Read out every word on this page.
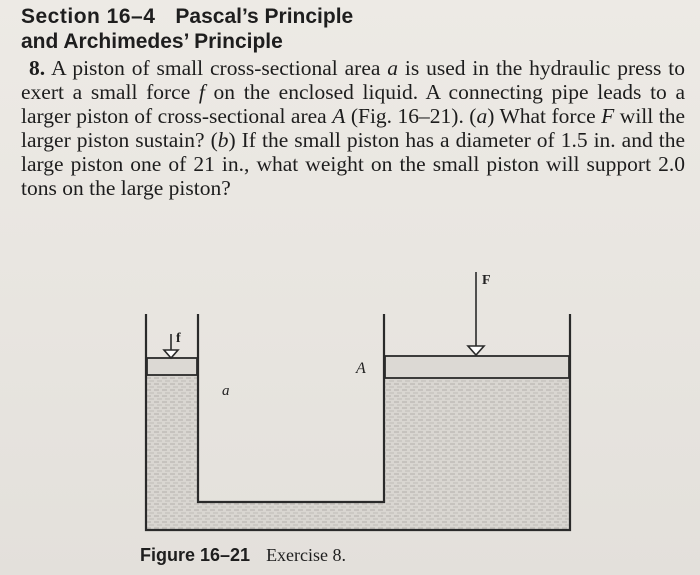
Section 16–4 Pascal’s Principle
and Archimedes’ Principle
8. A piston of small cross-sectional area a is used in the hydraulic press to exert a small force f on the enclosed liquid. A connecting pipe leads to a larger piston of cross-sectional area A (Fig. 16–21). (a) What force F will the larger piston sustain? (b) If the small piston has a diameter of 1.5 in. and the large piston one of 21 in., what weight on the small piston will support 2.0 tons on the large piston?
f
a
A
F
Figure 16–21 Exercise 8.
